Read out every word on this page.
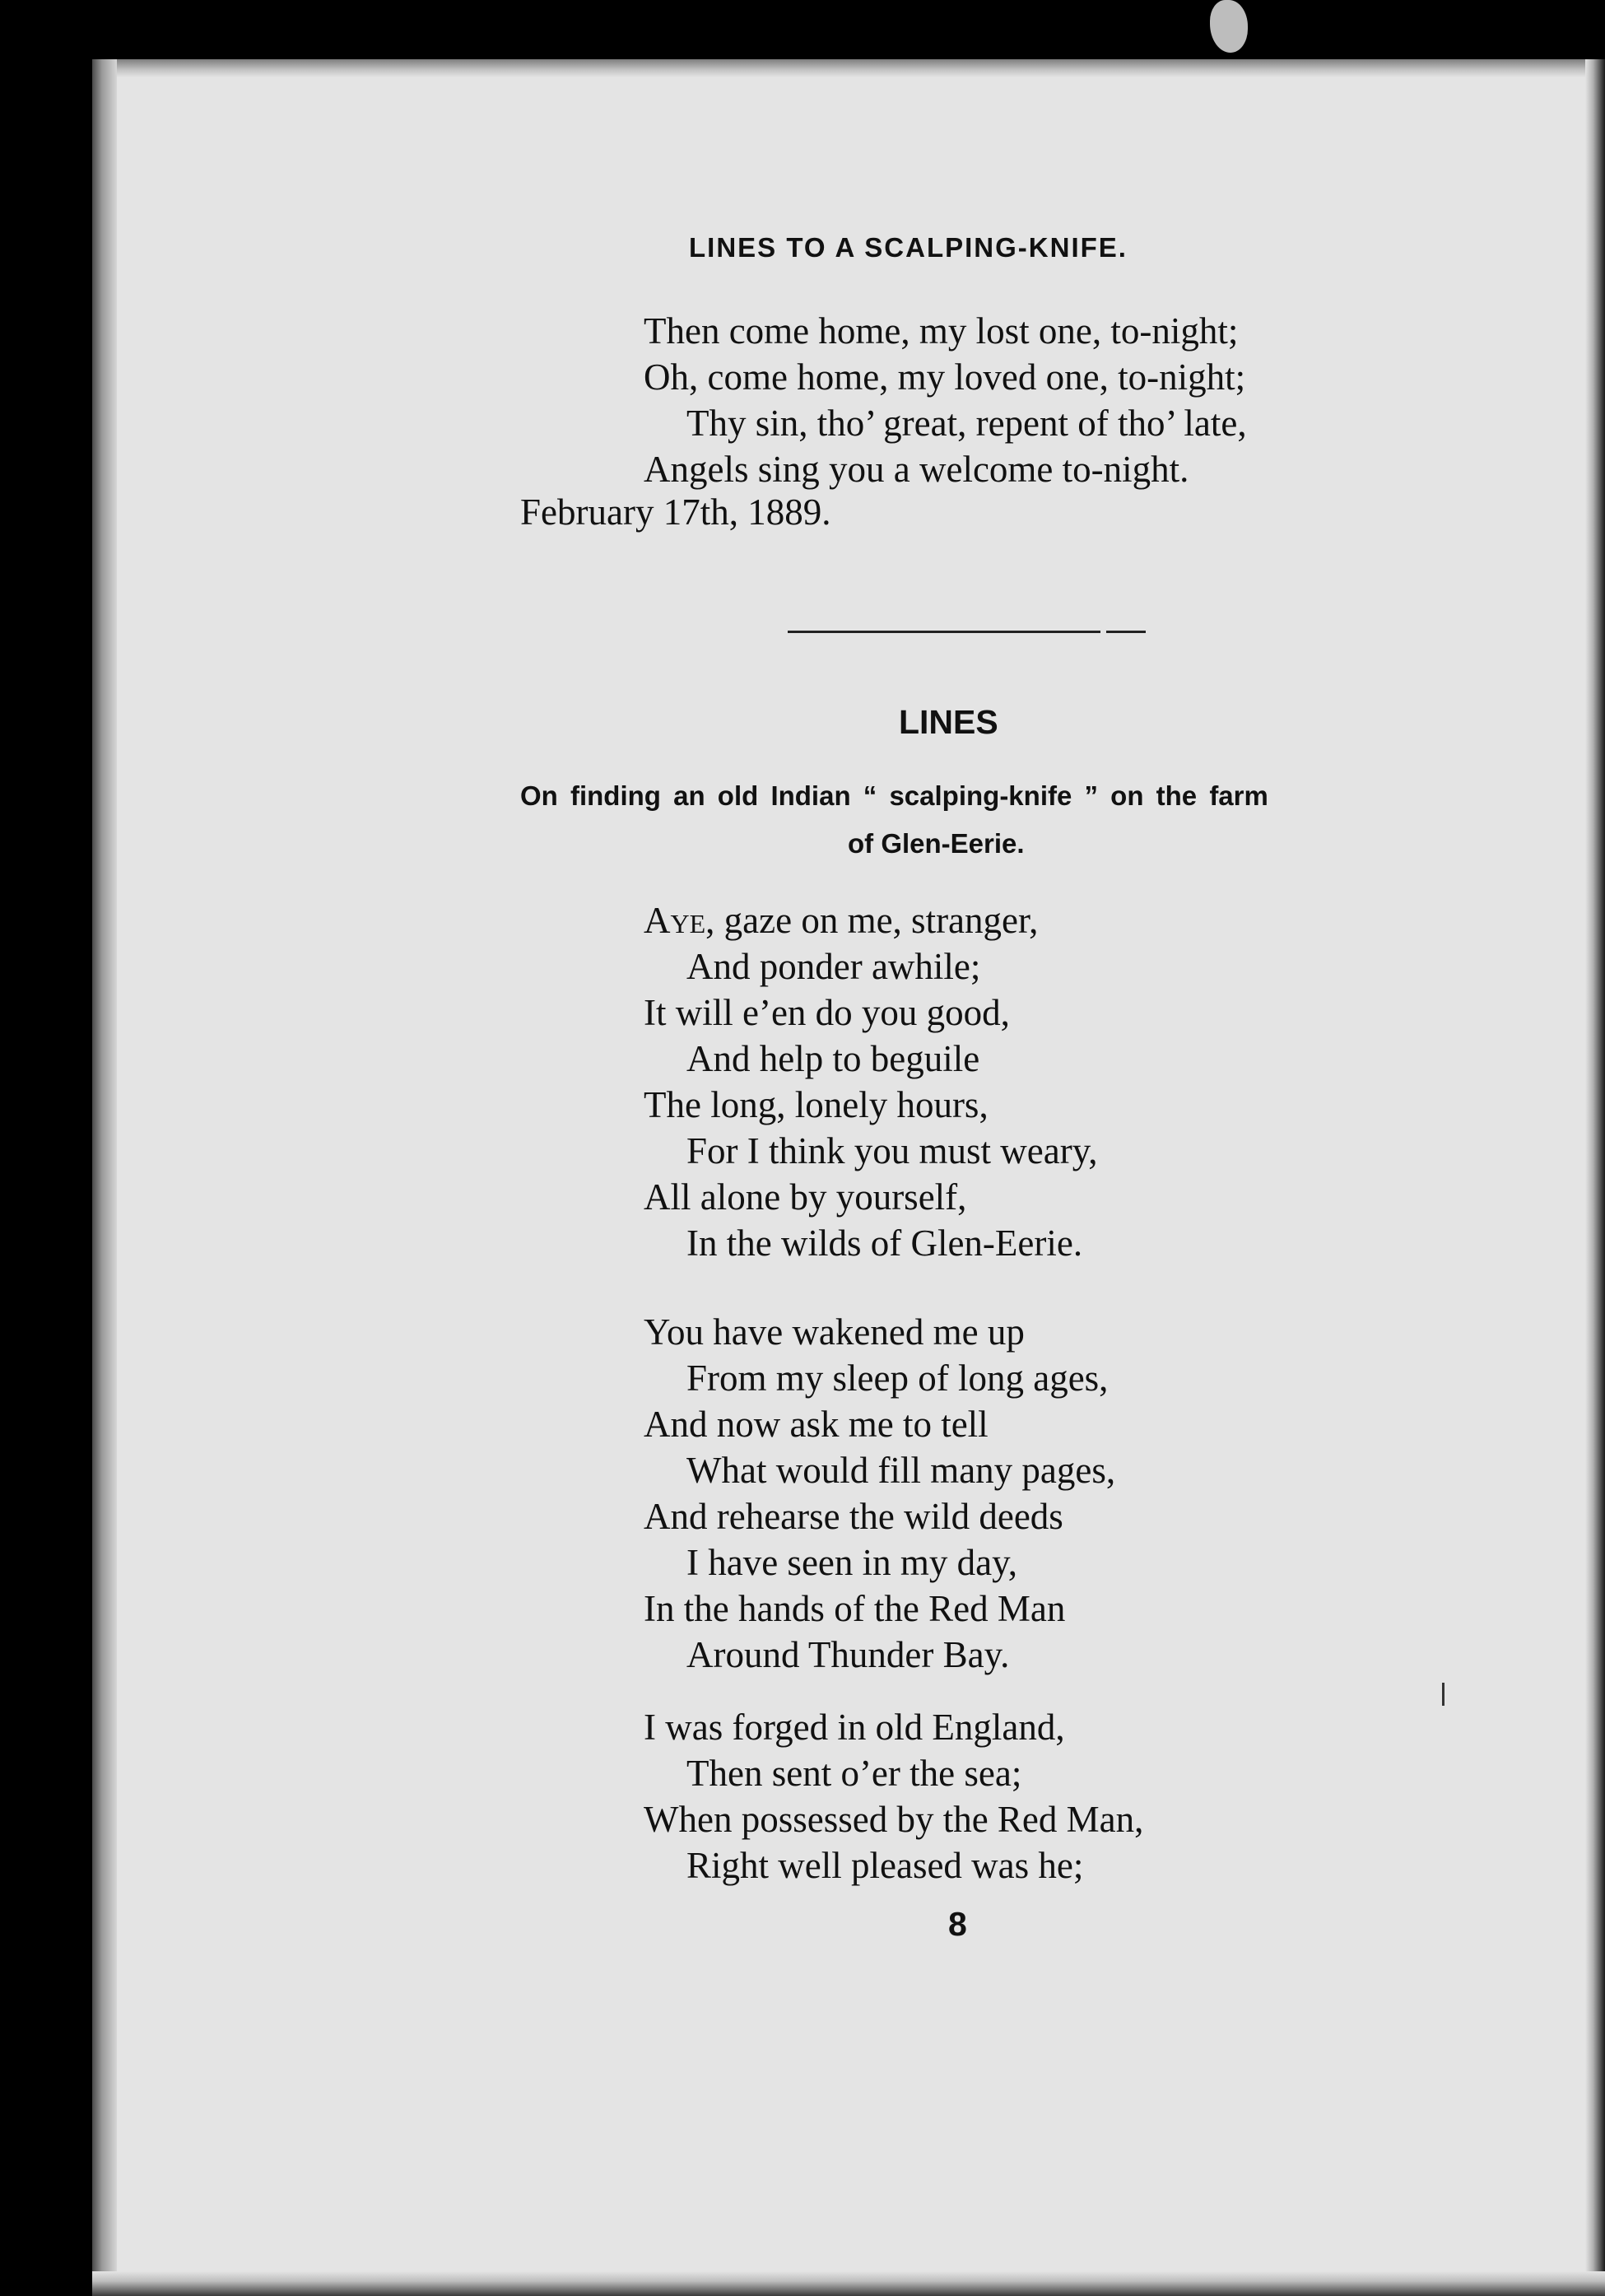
LINES TO A SCALPING-KNIFE.
Then come home, my lost one, to-night;
Oh, come home, my loved one, to-night;
Thy sin, tho’ great, repent of tho’ late,
Angels sing you a welcome to-night.
February 17th, 1889.
LINES
On finding an old Indian “ scalping-knife ” on the farm
of Glen-Eerie.
Aye, gaze on me, stranger,
And ponder awhile;
It will e’en do you good,
And help to beguile
The long, lonely hours,
For I think you must weary,
All alone by yourself,
In the wilds of Glen-Eerie.
You have wakened me up
From my sleep of long ages,
And now ask me to tell
What would fill many pages,
And rehearse the wild deeds
I have seen in my day,
In the hands of the Red Man
Around Thunder Bay.
I was forged in old England,
Then sent o’er the sea;
When possessed by the Red Man,
Right well pleased was he;
8
